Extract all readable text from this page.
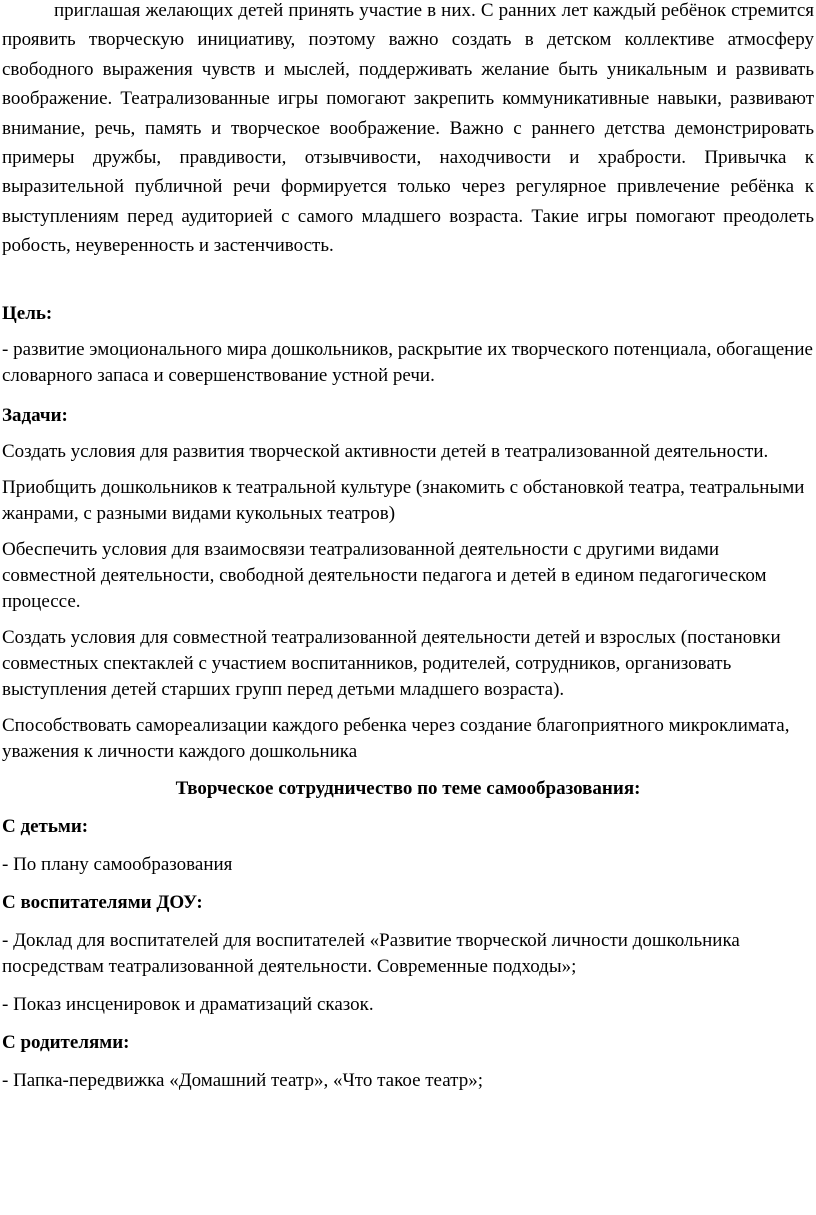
приглашая желающих детей принять участие в них. С ранних лет каждый ребёнок стремится проявить творческую инициативу, поэтому важно создать в детском коллективе атмосферу свободного выражения чувств и мыслей, поддерживать желание быть уникальным и развивать воображение. Театрализованные игры помогают закрепить коммуникативные навыки, развивают внимание, речь, память и творческое воображение. Важно с раннего детства демонстрировать примеры дружбы, правдивости, отзывчивости, находчивости и храбрости. Привычка к выразительной публичной речи формируется только через регулярное привлечение ребёнка к выступлениям перед аудиторией с самого младшего возраста. Такие игры помогают преодолеть робость, неуверенность и застенчивость.

Цель:

- развитие эмоционального мира дошкольников, раскрытие их творческого потенциала, обогащение словарного запаса и совершенствование устной речи.

Задачи:

Создать условия для развития творческой активности детей в театрализованной деятельности.

Приобщить дошкольников к театральной культуре (знакомить с обстановкой театра, театральными жанрами, с разными видами кукольных театров)

Обеспечить условия для взаимосвязи театрализованной деятельности с другими видами совместной деятельности, свободной деятельности педагога и детей в едином педагогическом процессе.

Создать условия для совместной театрализованной деятельности детей и взрослых (постановки совместных спектаклей с участием воспитанников, родителей, сотрудников, организовать выступления детей старших групп перед детьми младшего возраста).

Способствовать самореализации каждого ребенка через создание благоприятного микроклимата, уважения к личности каждого дошкольника

Творческое сотрудничество по теме самообразования:

С детьми:

- По плану самообразования

С воспитателями ДОУ:

- Доклад для воспитателей для воспитателей «Развитие творческой личности дошкольника посредствам театрализованной деятельности. Современные подходы»;

- Показ инсценировок и драматизаций сказок.

С родителями:

- Папка-передвижка «Домашний театр», «Что такое театр»;
